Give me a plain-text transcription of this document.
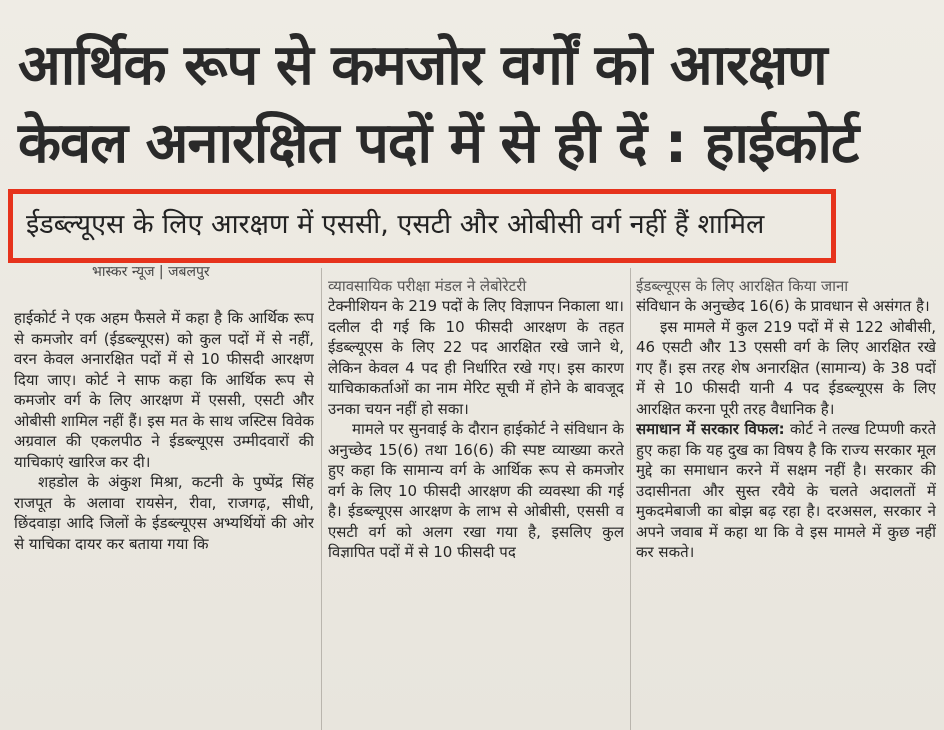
आर्थिक रूप से कमजोर वर्गों को आरक्षण
केवल अनारक्षित पदों में से ही दें : हाईकोर्ट
ईडब्ल्यूएस के लिए आरक्षण में एससी, एसटी और ओबीसी वर्ग नहीं हैं शामिल
भास्कर न्यूज | जबलपुर

हाईकोर्ट ने एक अहम फैसले में कहा है कि आर्थिक रूप से कमजोर वर्ग (ईडब्ल्यूएस) को कुल पदों में से नहीं, वरन केवल अनारक्षित पदों में से 10 फीसदी आरक्षण दिया जाए। कोर्ट ने साफ कहा कि आर्थिक रूप से कमजोर वर्ग के लिए आरक्षण में एससी, एसटी और ओबीसी शामिल नहीं हैं। इस मत के साथ जस्टिस विवेक अग्रवाल की एकलपीठ ने ईडब्ल्यूएस उम्मीदवारों की याचिकाएं खारिज कर दी।

शहडोल के अंकुश मिश्रा, कटनी के पुष्पेंद्र सिंह राजपूत के अलावा रायसेन, रीवा, राजगढ़, सीधी, छिंदवाड़ा आदि जिलों के ईडब्ल्यूएस अभ्यर्थियों की ओर से याचिका दायर कर बताया गया कि

व्यावसायिक परीक्षा मंडल ने लेबोरेटरी

टेक्नीशियन के 219 पदों के लिए विज्ञापन निकाला था। दलील दी गई कि 10 फीसदी आरक्षण के तहत ईडब्ल्यूएस के लिए 22 पद आरक्षित रखे जाने थे, लेकिन केवल 4 पद ही निर्धारित रखे गए। इस कारण याचिकाकर्ताओं का नाम मेरिट सूची में होने के बावजूद उनका चयन नहीं हो सका।

मामले पर सुनवाई के दौरान हाईकोर्ट ने संविधान के अनुच्छेद 15(6) तथा 16(6) की स्पष्ट व्याख्या करते हुए कहा कि सामान्य वर्ग के आर्थिक रूप से कमजोर वर्ग के लिए 10 फीसदी आरक्षण की व्यवस्था की गई है। ईडब्ल्यूएस आरक्षण के लाभ से ओबीसी, एससी व एसटी वर्ग को अलग रखा गया है, इसलिए कुल विज्ञापित पदों में से 10 फीसदी पद

ईडब्ल्यूएस के लिए आरक्षित किया जाना

संविधान के अनुच्छेद 16(6) के प्रावधान से असंगत है।

इस मामले में कुल 219 पदों में से 122 ओबीसी, 46 एसटी और 13 एससी वर्ग के लिए आरक्षित रखे गए हैं। इस तरह शेष अनारक्षित (सामान्य) के 38 पदों में से 10 फीसदी यानी 4 पद ईडब्ल्यूएस के लिए आरक्षित करना पूरी तरह वैधानिक है।

समाधान में सरकार विफल: कोर्ट ने तल्ख टिप्पणी करते हुए कहा कि यह दुख का विषय है कि राज्य सरकार मूल मुद्दे का समाधान करने में सक्षम नहीं है। सरकार की उदासीनता और सुस्त रवैये के चलते अदालतों में मुकदमेबाजी का बोझ बढ़ रहा है। दरअसल, सरकार ने अपने जवाब में कहा था कि वे इस मामले में कुछ नहीं कर सकते।
